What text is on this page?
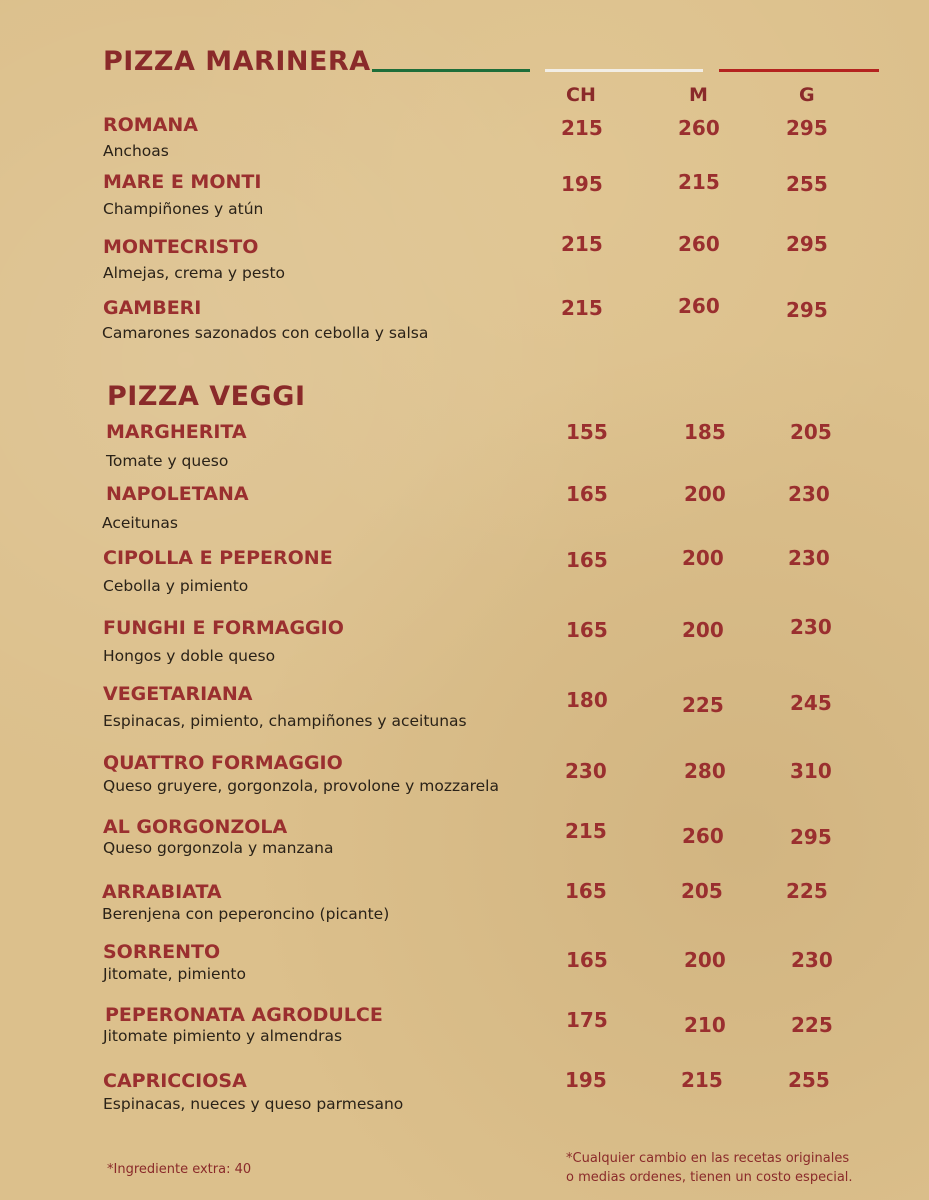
PIZZA MARINERA
CH	M	G
ROMANA
Anchoas
215	260	295
MARE E MONTI
Champiñones y atún
195	215	255
MONTECRISTO
Almejas, crema y pesto
215	260	295
GAMBERI
Camarones sazonados con cebolla y salsa
215	260	295
PIZZA VEGGI
MARGHERITA
Tomate y queso
155	185	205
NAPOLETANA
Aceitunas
165	200	230
CIPOLLA E PEPERONE
Cebolla y pimiento
165	200	230
FUNGHI E FORMAGGIO
Hongos y doble queso
165	200	230
VEGETARIANA
Espinacas, pimiento, champiñones y aceitunas
180	225	245
QUATTRO FORMAGGIO
Queso gruyere, gorgonzola, provolone y mozzarela
230	280	310
AL GORGONZOLA
Queso gorgonzola y manzana
215	260	295
ARRABIATA
Berenjena con peperoncino (picante)
165	205	225
SORRENTO
Jitomate, pimiento
165	200	230
PEPERONATA AGRODULCE
Jitomate pimiento y almendras
175	210	225
CAPRICCIOSA
Espinacas, nueces y queso parmesano
195	215	255
*Ingrediente extra: 40
*Cualquier cambio en las recetas originales
o medias ordenes, tienen un costo especial.
